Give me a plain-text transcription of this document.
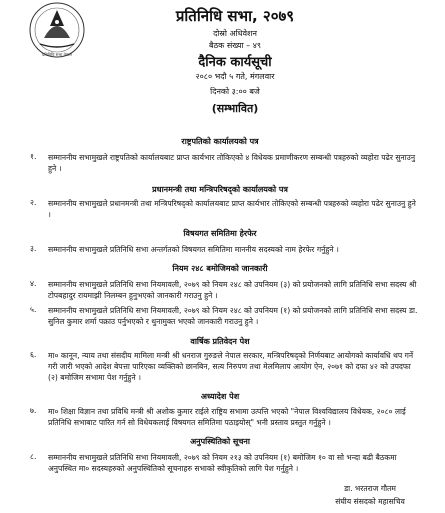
प्रतिनिधि सभा नेपाल
प्रतिनिधि सभा, २०७९
दोस्रो अधिवेशन
बैठक संख्या – ४९
दैनिक कार्यसूची
२०८० भदौ ५ गते, मंगलवार
दिनको ३:०० बजे
(सम्भावित)
राष्ट्रपतिको कार्यालयको पत्र
१. सम्माननीय सभामुखले राष्ट्रपतिको कार्यालयबाट प्राप्त कार्यभार तोकिएको ४ विधेयक प्रमाणीकरण सम्बन्धी पत्रहरुको व्यहोरा पढेर सुनाउनु हुने ।
प्रधानमन्त्री तथा मन्त्रिपरिषद्को कार्यालयको पत्र
२. सम्माननीय सभामुखले प्रधानमन्त्री तथा मन्त्रिपरिषद्को कार्यालयबाट प्राप्त कार्यभार तोकिएको सम्बन्धी पत्रहरुको व्यहोरा पढेर सुनाउनु हुने ।
विषयगत समितिमा हेरफेर
३. सम्माननीय सभामुखले प्रतिनिधि सभा अन्तर्गतको विषयगत समितिमा माननीय सदस्यको नाम हेरफेर गर्नुहुने ।
नियम २४८ बमोजिमको जानकारी
४. सम्माननीय सभामुखले प्रतिनिधि सभा नियमावली, २०७९ को नियम २४८ को उपनियम (३) को प्रयोजनको लागि प्रतिनिधि सभा सदस्य श्री टोपबहादुर रायमाझी निलम्बन हुनुभएको जानकारी गराउनु हुने ।
५. सम्माननीय सभामुखले प्रतिनिधि सभा नियमावली, २०७९ को नियम २४८ को उपनियम (१) को प्रयोजनको लागि प्रतिनिधि सभा सदस्य डा. सुनिल कुमार शर्मा पक्राउ पर्नुभएको र थुनामुक्त भएको जानकारी गराउनु हुने ।
वार्षिक प्रतिवेदन पेश
६. मा० कानून, न्याय तथा संसदीय मामिला मन्त्री श्री धनराज गुरुङले नेपाल सरकार, मन्त्रिपरिषद्को निर्णयबाट आयोगको कार्यावधि थप गर्ने गरी जारी भएको आदेश बेपत्ता पारिएका व्यक्तिको छानबिन, सत्य निरुपण तथा मेलमिलाप आयोग ऐन, २०७१ को दफा ४२ को उपदफा (२) बमोजिम सभामा पेश गर्नुहुने ।
अध्यादेश पेश
७. मा० शिक्षा विज्ञान तथा प्रविधि मन्त्री श्री अशोक कुमार राईले राष्ट्रिय सभामा उत्पत्ति भएको "नेपाल विश्वविद्यालय विधेयक, २०८० लाई प्रतिनिधि सभाबाट पारित गर्न सो विधेयकलाई विषयगत समितिमा पठाइयोस्" भनी प्रस्ताव प्रस्तुत गर्नुहुने ।
अनुपस्थितिको सूचना
८. सम्माननीय सभामुखले प्रतिनिधि सभा नियमावली, २०७९ को नियम २१३ को उपनियम (१) बमोजिम १० वा सो भन्दा बढी बैठकमा अनुपस्थित मा० सदस्यहरुको अनुपस्थितिको सूचनाहरु सभाको स्वीकृतिको लागि पेश गर्नुहुने ।
डा. भरतराज गौतम
संघीय संसदको महासचिव
